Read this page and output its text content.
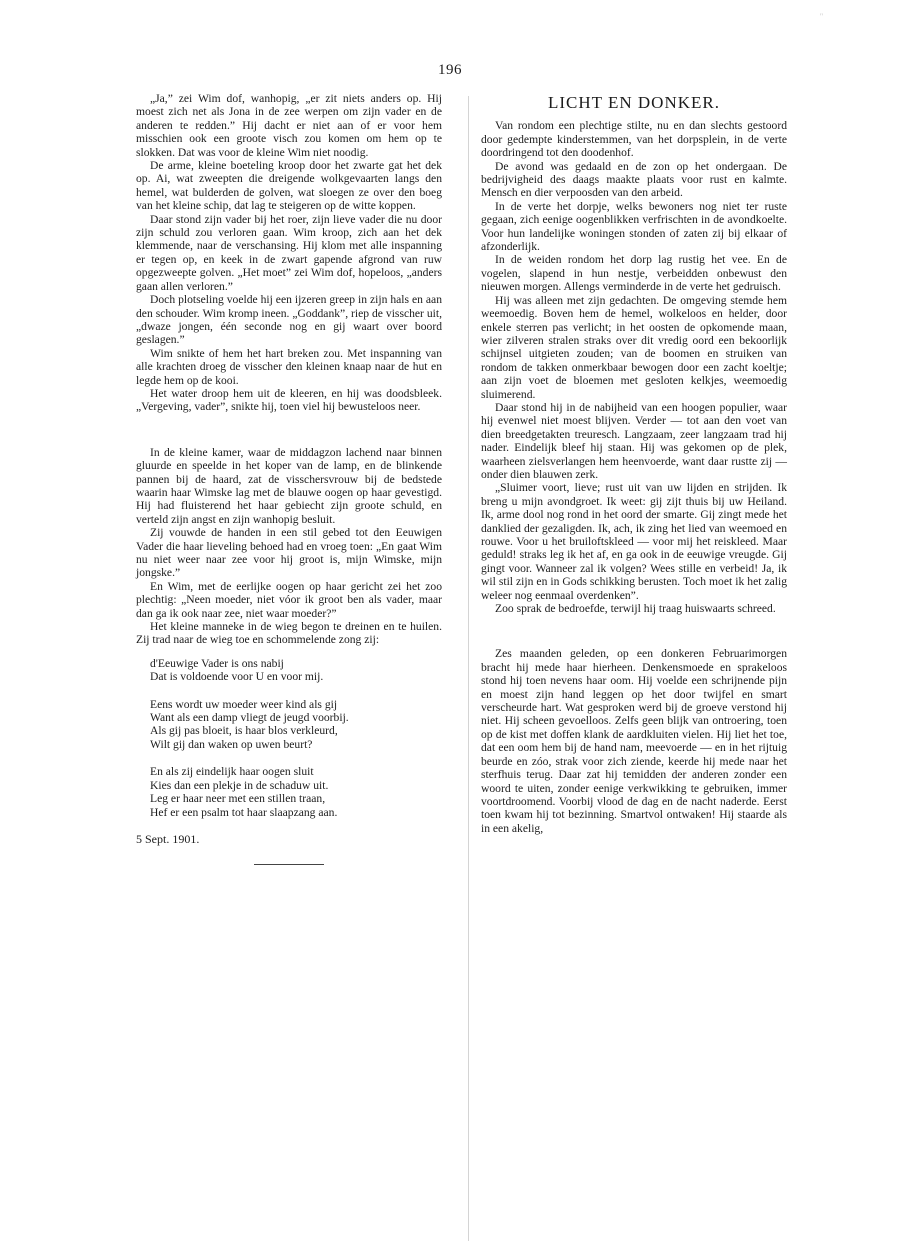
''
196

„Ja,” zei Wim dof, wanhopig, „er zit niets anders op. Hij moest zich net als Jona in de zee werpen om zijn vader en de anderen te redden.” Hij dacht er niet aan of er voor hem misschien ook een groote visch zou komen om hem op te slokken. Dat was voor de kleine Wim niet noodig.

De arme, kleine boeteling kroop door het zwarte gat het dek op. Ai, wat zweepten die dreigende wolkgevaarten langs den hemel, wat bulderden de golven, wat sloegen ze over den boeg van het kleine schip, dat lag te steigeren op de witte koppen.

Daar stond zijn vader bij het roer, zijn lieve vader die nu door zijn schuld zou verloren gaan. Wim kroop, zich aan het dek klemmende, naar de verschansing. Hij klom met alle inspanning er tegen op, en keek in de zwart gapende afgrond van ruw opgezweepte golven. „Het moet” zei Wim dof, hopeloos, „anders gaan allen verloren.”

Doch plotseling voelde hij een ijzeren greep in zijn hals en aan den schouder. Wim kromp ineen. „Goddank”, riep de visscher uit, „dwaze jongen, één seconde nog en gij waart over boord geslagen.”

Wim snikte of hem het hart breken zou. Met inspanning van alle krachten droeg de visscher den kleinen knaap naar de hut en legde hem op de kooi.

Het water droop hem uit de kleeren, en hij was doodsbleek. „Vergeving, vader”, snikte hij, toen viel hij bewusteloos neer.

In de kleine kamer, waar de middagzon lachend naar binnen gluurde en speelde in het koper van de lamp, en de blinkende pannen bij de haard, zat de visschersvrouw bij de bedstede waarin haar Wimske lag met de blauwe oogen op haar gevestigd. Hij had fluisterend het haar gebiecht zijn groote schuld, en verteld zijn angst en zijn wanhopig besluit.

Zij vouwde de handen in een stil gebed tot den Eeuwigen Vader die haar lieveling behoed had en vroeg toen: „En gaat Wim nu niet weer naar zee voor hij groot is, mijn Wimske, mijn jongske.”

En Wim, met de eerlijke oogen op haar gericht zei het zoo plechtig: „Neen moeder, niet vóor ik groot ben als vader, maar dan ga ik ook naar zee, niet waar moeder?”

Het kleine manneke in de wieg begon te dreinen en te huilen. Zij trad naar de wieg toe en schommelende zong zij:

d'Eeuwige Vader is ons nabij
Dat is voldoende voor U en voor mij.
Eens wordt uw moeder weer kind als gij
Want als een damp vliegt de jeugd voorbij.
Als gij pas bloeit, is haar blos verkleurd,
Wilt gij dan waken op uwen beurt?
En als zij eindelijk haar oogen sluit
Kies dan een plekje in de schaduw uit.
Leg er haar neer met een stillen traan,
Hef er een psalm tot haar slaapzang aan.

5 Sept. 1901.

LICHT EN DONKER.

Van rondom een plechtige stilte, nu en dan slechts gestoord door gedempte kinderstemmen, van het dorpsplein, in de verte doordringend tot den doodenhof.

De avond was gedaald en de zon op het ondergaan. De bedrijvigheid des daags maakte plaats voor rust en kalmte. Mensch en dier verpoosden van den arbeid.

In de verte het dorpje, welks bewoners nog niet ter ruste gegaan, zich eenige oogenblikken verfrischten in de avondkoelte. Voor hun landelijke woningen stonden of zaten zij bij elkaar of afzonderlijk.

In de weiden rondom het dorp lag rustig het vee. En de vogelen, slapend in hun nestje, verbeidden onbewust den nieuwen morgen. Allengs verminderde in de verte het gedruisch.

Hij was alleen met zijn gedachten. De omgeving stemde hem weemoedig. Boven hem de hemel, wolkeloos en helder, door enkele sterren pas verlicht; in het oosten de opkomende maan, wier zilveren stralen straks over dit vredig oord een bekoorlijk schijnsel uitgieten zouden; van de boomen en struiken van rondom de takken onmerkbaar bewogen door een zacht koeltje; aan zijn voet de bloemen met gesloten kelkjes, weemoedig sluimerend.

Daar stond hij in de nabijheid van een hoogen populier, waar hij evenwel niet moest blijven. Verder — tot aan den voet van dien breedgetakten treuresch. Langzaam, zeer langzaam trad hij nader. Eindelijk bleef hij staan. Hij was gekomen op de plek, waarheen zielsverlangen hem heenvoerde, want daar rustte zij — onder dien blauwen zerk.

„Sluimer voort, lieve; rust uit van uw lijden en strijden. Ik breng u mijn avondgroet. Ik weet: gij zijt thuis bij uw Heiland. Ik, arme dool nog rond in het oord der smarte. Gij zingt mede het danklied der gezaligden. Ik, ach, ik zing het lied van weemoed en rouwe. Voor u het bruiloftskleed — voor mij het reiskleed. Maar geduld! straks leg ik het af, en ga ook in de eeuwige vreugde. Gij gingt voor. Wanneer zal ik volgen? Wees stille en verbeid! Ja, ik wil stil zijn en in Gods schikking berusten. Toch moet ik het zalig weleer nog eenmaal overdenken”.

Zoo sprak de bedroefde, terwijl hij traag huiswaarts schreed.

Zes maanden geleden, op een donkeren Februarimorgen bracht hij mede haar hierheen. Denkensmoede en sprakeloos stond hij toen nevens haar oom. Hij voelde een schrijnende pijn en moest zijn hand leggen op het door twijfel en smart verscheurde hart. Wat gesproken werd bij de groeve verstond hij niet. Hij scheen gevoelloos. Zelfs geen blijk van ontroering, toen op de kist met doffen klank de aardkluiten vielen. Hij liet het toe, dat een oom hem bij de hand nam, meevoerde — en in het rijtuig beurde en zóo, strak voor zich ziende, keerde hij mede naar het sterfhuis terug. Daar zat hij temidden der anderen zonder een woord te uiten, zonder eenige verkwikking te gebruiken, immer voortdroomend. Voorbij vlood de dag en de nacht naderde. Eerst toen kwam hij tot bezinning. Smartvol ontwaken! Hij staarde als in een akelig,
